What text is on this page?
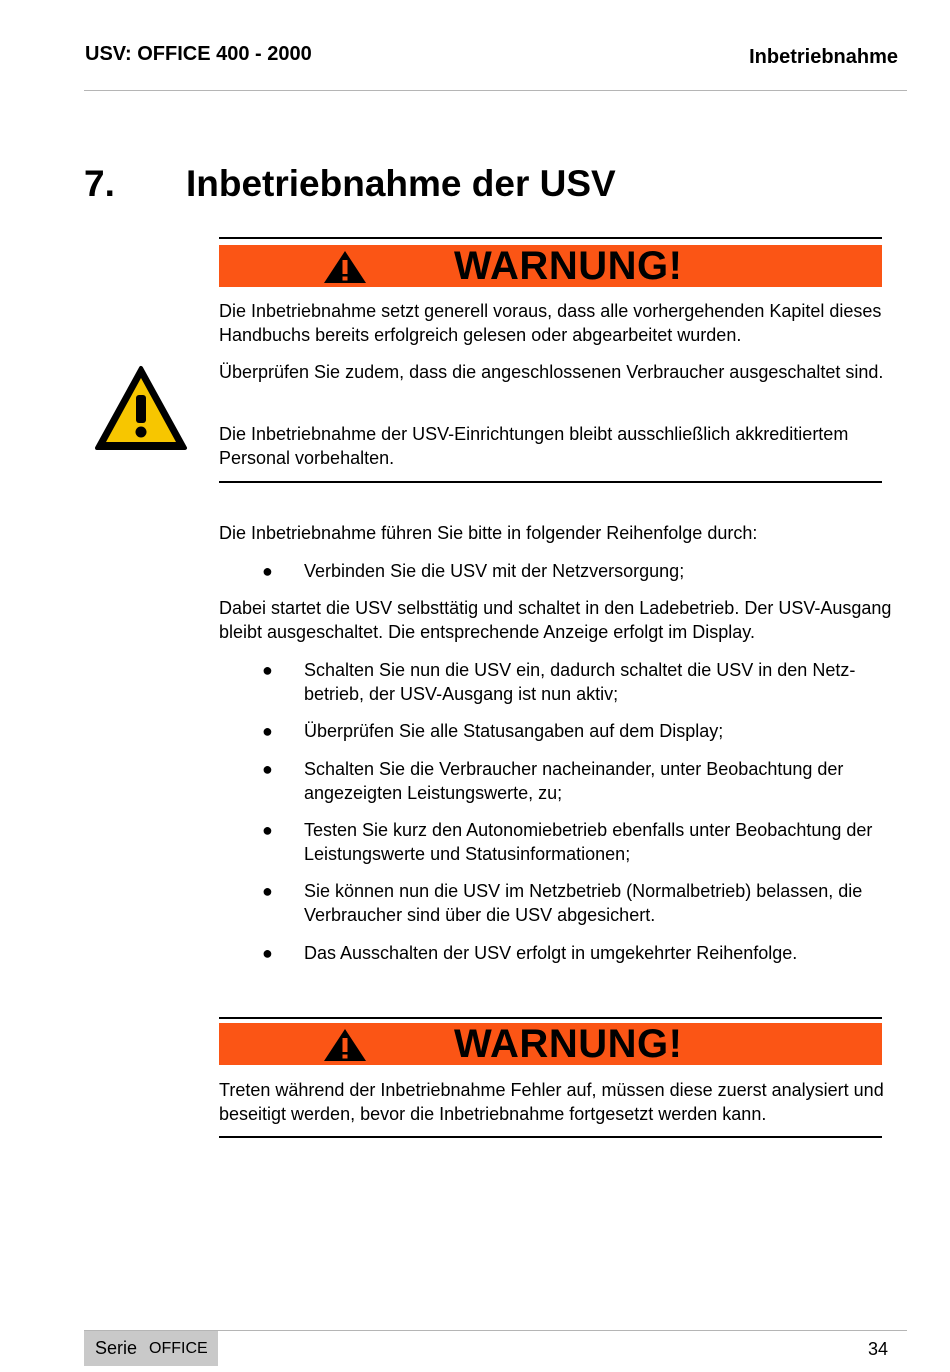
USV: OFFICE 400 - 2000	Inbetriebnahme
7. Inbetriebnahme der USV
WARNUNG!
Die Inbetriebnahme setzt generell voraus, dass alle vorhergehenden Kapitel dieses Handbuchs bereits erfolgreich gelesen oder abgearbeitet wurden.
Überprüfen Sie zudem, dass die angeschlossenen Verbraucher ausgeschaltet sind.
Die Inbetriebnahme der USV-Einrichtungen bleibt ausschließlich akkreditiertem Personal vorbehalten.
Die Inbetriebnahme führen Sie bitte in folgender Reihenfolge durch:
● Verbinden Sie die USV mit der Netzversorgung;
Dabei startet die USV selbsttätig und schaltet in den Ladebetrieb. Der USV-Ausgang bleibt ausgeschaltet. Die entsprechende Anzeige erfolgt im Display.
● Schalten Sie nun die USV ein, dadurch schaltet die USV in den Netz-betrieb, der USV-Ausgang ist nun aktiv;
● Überprüfen Sie alle Statusangaben auf dem Display;
● Schalten Sie die Verbraucher nacheinander, unter Beobachtung der angezeigten Leistungswerte, zu;
● Testen Sie kurz den Autonomiebetrieb ebenfalls unter Beobachtung der Leistungswerte und Statusinformationen;
● Sie können nun die USV im Netzbetrieb (Normalbetrieb) belassen, die Verbraucher sind über die USV abgesichert.
● Das Ausschalten der USV erfolgt in umgekehrter Reihenfolge.
WARNUNG!
Treten während der Inbetriebnahme Fehler auf, müssen diese zuerst analysiert und beseitigt werden, bevor die Inbetriebnahme fortgesetzt werden kann.
Serie OFFICE	34
